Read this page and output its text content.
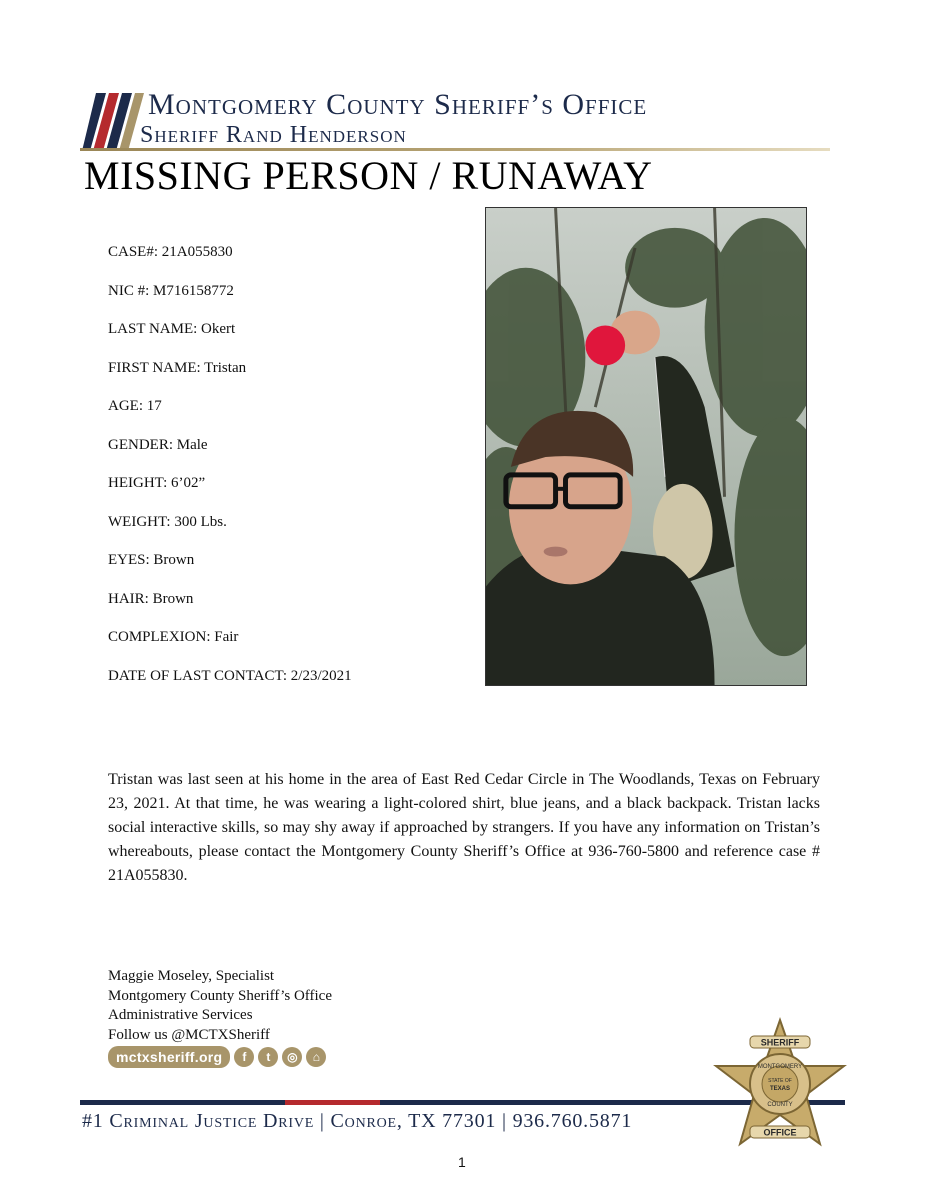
Montgomery County Sheriff’s Office
Sheriff Rand Henderson
MISSING PERSON / RUNAWAY
CASE#: 21A055830
NIC #: M716158772
LAST NAME: Okert
FIRST NAME: Tristan
AGE: 17
GENDER: Male
HEIGHT: 6’02”
WEIGHT: 300 Lbs.
EYES: Brown
HAIR: Brown
COMPLEXION: Fair
DATE OF LAST CONTACT: 2/23/2021
Tristan was last seen at his home in the area of East Red Cedar Circle in The Woodlands, Texas on February 23, 2021. At that time, he was wearing a light-colored shirt, blue jeans, and a black backpack. Tristan lacks social interactive skills, so may shy away if approached by strangers. If you have any information on Tristan’s whereabouts, please contact the Montgomery County Sheriff’s Office at 936-760-5800 and reference case # 21A055830.
Maggie Moseley, Specialist
Montgomery County Sheriff’s Office
Administrative Services
Follow us @MCTXSheriff
mctxsheriff.org	f	t	◎	⌂
#1 Criminal Justice Drive | Conroe, TX 77301 | 936.760.5871
SHERIFF
OFFICE
MONTGOMERY
COUNTY
STATE OF
TEXAS
1
